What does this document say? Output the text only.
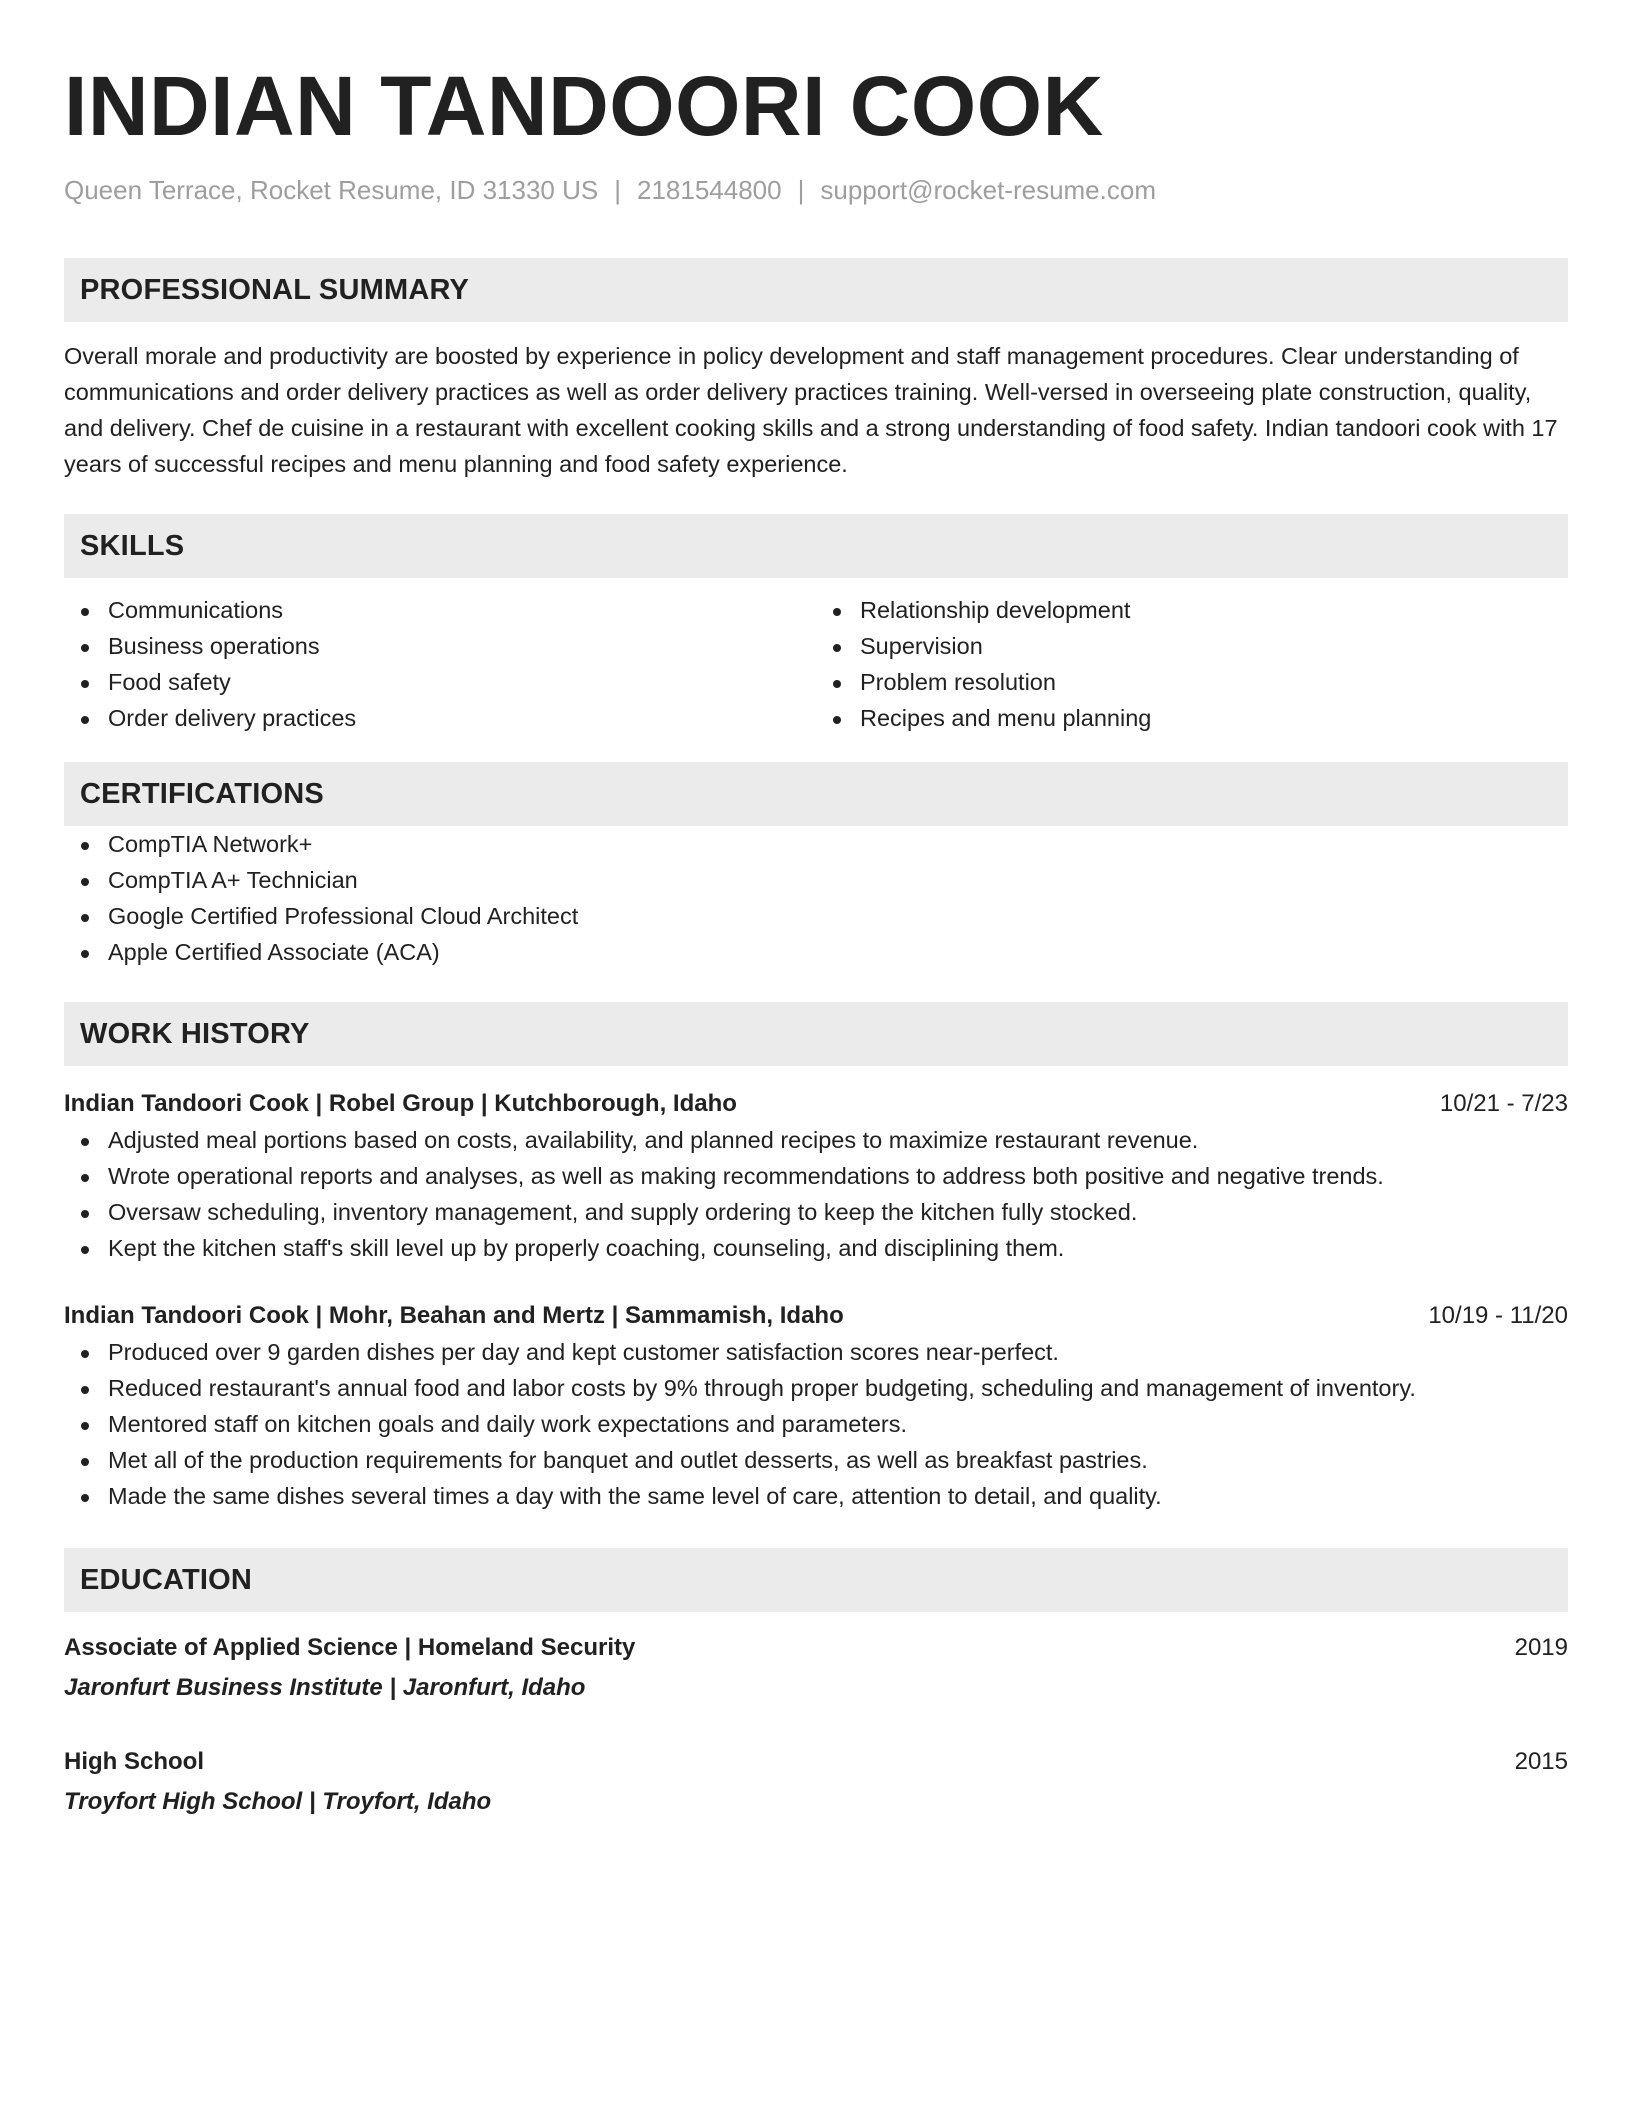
INDIAN TANDOORI COOK
Queen Terrace, Rocket Resume, ID 31330 US | 2181544800 | support@rocket-resume.com
PROFESSIONAL SUMMARY

Overall morale and productivity are boosted by experience in policy development and staff management procedures. Clear understanding of communications and order delivery practices as well as order delivery practices training. Well-versed in overseeing plate construction, quality, and delivery. Chef de cuisine in a restaurant with excellent cooking skills and a strong understanding of food safety. Indian tandoori cook with 17 years of successful recipes and menu planning and food safety experience.

SKILLS
Communications
Business operations
Food safety
Order delivery practices
Relationship development
Supervision
Problem resolution
Recipes and menu planning
CERTIFICATIONS
CompTIA Network+
CompTIA A+ Technician
Google Certified Professional Cloud Architect
Apple Certified Associate (ACA)
WORK HISTORY
Indian Tandoori Cook | Robel Group | Kutchborough, Idaho	10/21 - 7/23
Adjusted meal portions based on costs, availability, and planned recipes to maximize restaurant revenue.
Wrote operational reports and analyses, as well as making recommendations to address both positive and negative trends.
Oversaw scheduling, inventory management, and supply ordering to keep the kitchen fully stocked.
Kept the kitchen staff's skill level up by properly coaching, counseling, and disciplining them.
Indian Tandoori Cook | Mohr, Beahan and Mertz | Sammamish, Idaho	10/19 - 11/20
Produced over 9 garden dishes per day and kept customer satisfaction scores near-perfect.
Reduced restaurant's annual food and labor costs by 9% through proper budgeting, scheduling and management of inventory.
Mentored staff on kitchen goals and daily work expectations and parameters.
Met all of the production requirements for banquet and outlet desserts, as well as breakfast pastries.
Made the same dishes several times a day with the same level of care, attention to detail, and quality.
EDUCATION
Associate of Applied Science | Homeland Security	2019
Jaronfurt Business Institute | Jaronfurt, Idaho
High School	2015
Troyfort High School | Troyfort, Idaho
